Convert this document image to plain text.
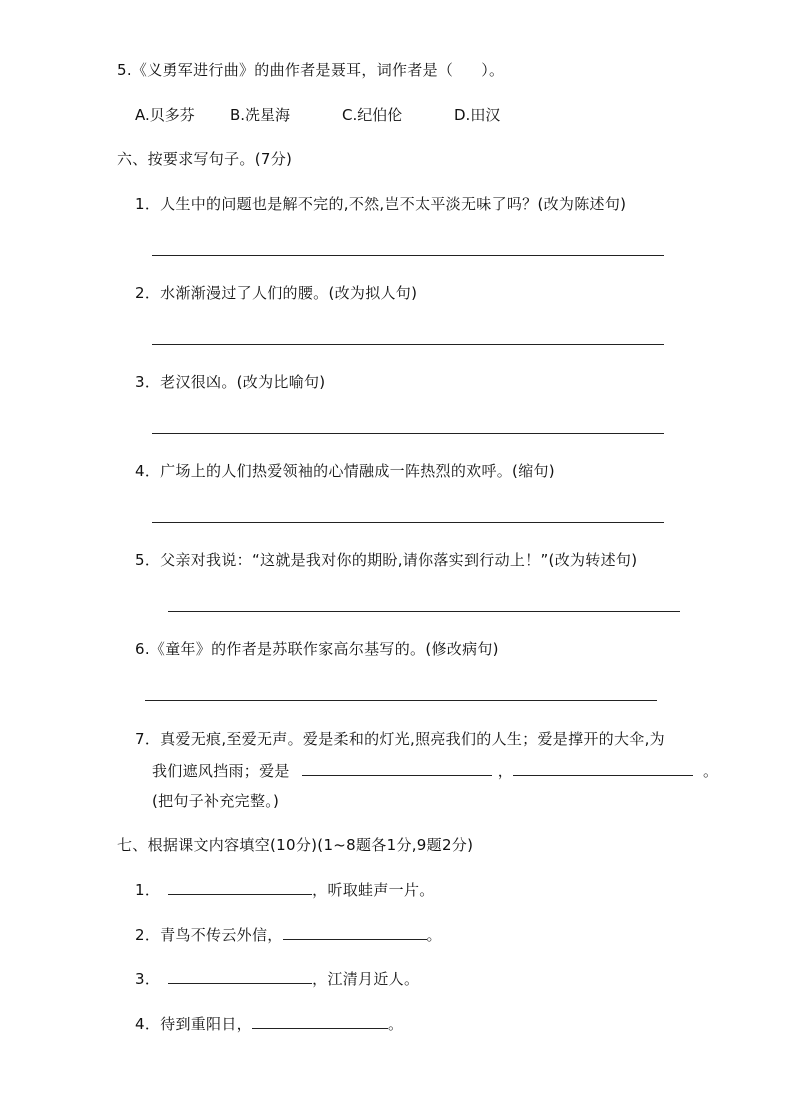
5.《义勇军进行曲》的曲作者是聂耳，词作者是（ ）。
A.贝多芬 B.冼星海	C.纪伯伦	D.田汉
六、按要求写句子。(7分)
1．人生中的问题也是解不完的,不然,岂不太平淡无味了吗？(改为陈述句)
2．水渐渐漫过了人们的腰。(改为拟人句)
3．老汉很凶。(改为比喻句)
4．广场上的人们热爱领袖的心情融成一阵热烈的欢呼。(缩句)
5．父亲对我说：“这就是我对你的期盼,请你落实到行动上！”(改为转述句)
6.《童年》的作者是苏联作家高尔基写的。(修改病句)
7．真爱无痕,至爱无声。爱是柔和的灯光,照亮我们的人生；爱是撑开的大伞,为
我们遮风挡雨；爱是	，	。
(把句子补充完整。)
七、根据课文内容填空(10分)(1~8题各1分,9题2分)
1．	，听取蛙声一片。
2．青鸟不传云外信，	。
3．	，江清月近人。
4．待到重阳日，	。
